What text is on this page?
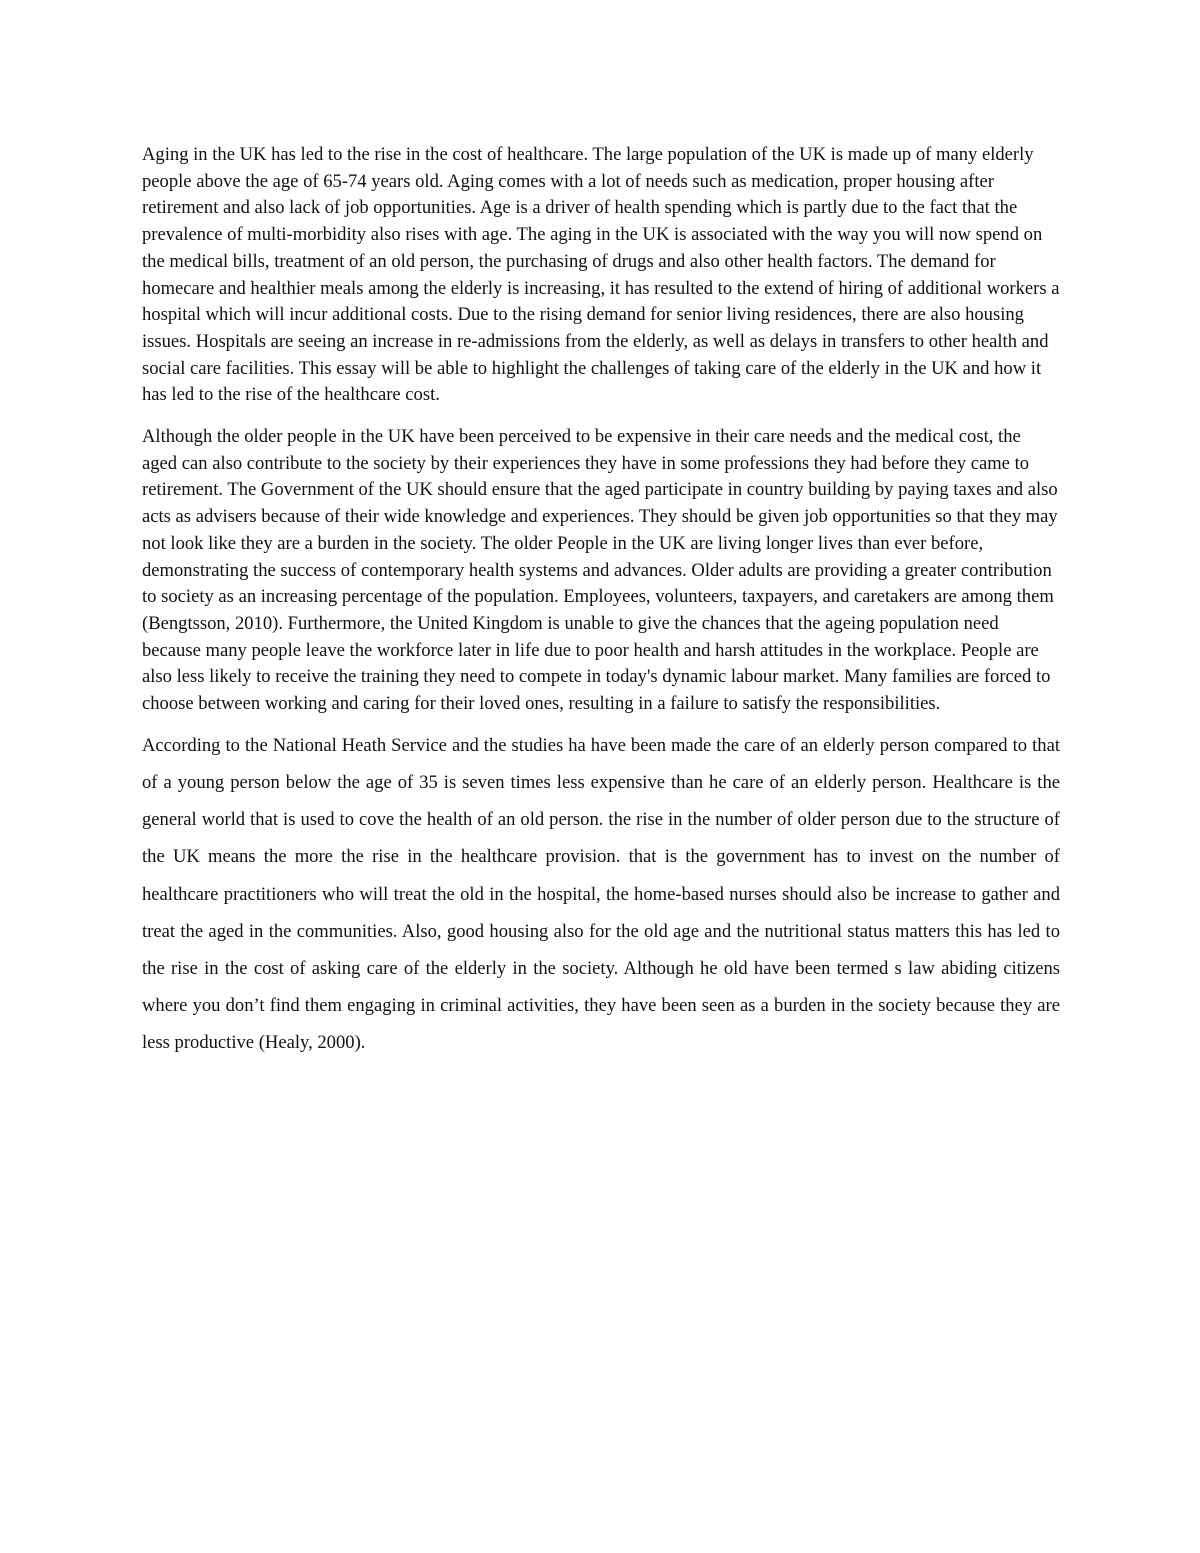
Aging in the UK has led to the rise in the cost of healthcare. The large population of the UK is made up of many elderly people above the age of 65-74 years old. Aging comes with a lot of needs such as medication, proper housing after retirement and also lack of job opportunities. Age is a driver of health spending which is partly due to the fact that the prevalence of multi-morbidity also rises with age. The aging in the UK is associated with the way you will now spend on the medical bills, treatment of an old person, the purchasing of drugs and also other health factors. The demand for homecare and healthier meals among the elderly is increasing, it has resulted to the extend of hiring of additional workers a hospital which will incur additional costs. Due to the rising demand for senior living residences, there are also housing issues. Hospitals are seeing an increase in re-admissions from the elderly, as well as delays in transfers to other health and social care facilities. This essay will be able to highlight the challenges of taking care of the elderly in the UK and how it has led to the rise of the healthcare cost.

Although the older people in the UK have been perceived to be expensive in their care needs and the medical cost, the aged can also contribute to the society by their experiences they have in some professions they had before they came to retirement. The Government of the UK should ensure that the aged participate in country building by paying taxes and also acts as advisers because of their wide knowledge and experiences. They should be given job opportunities so that they may not look like they are a burden in the society. The older People in the UK are living longer lives than ever before, demonstrating the success of contemporary health systems and advances. Older adults are providing a greater contribution to society as an increasing percentage of the population. Employees, volunteers, taxpayers, and caretakers are among them (Bengtsson, 2010). Furthermore, the United Kingdom is unable to give the chances that the ageing population need because many people leave the workforce later in life due to poor health and harsh attitudes in the workplace. People are also less likely to receive the training they need to compete in today's dynamic labour market. Many families are forced to choose between working and caring for their loved ones, resulting in a failure to satisfy the responsibilities.

According to the National Heath Service and the studies ha have been made the care of an elderly person compared to that of a young person below the age of 35 is seven times less expensive than he care of an elderly person. Healthcare is the general world that is used to cove the health of an old person. the rise in the number of older person due to the structure of the UK means the more the rise in the healthcare provision. that is the government has to invest on the number of healthcare practitioners who will treat the old in the hospital, the home-based nurses should also be increase to gather and treat the aged in the communities. Also, good housing also for the old age and the nutritional status matters this has led to the rise in the cost of asking care of the elderly in the society. Although he old have been termed s law abiding citizens where you don’t find them engaging in criminal activities, they have been seen as a burden in the society because they are less productive (Healy, 2000).
